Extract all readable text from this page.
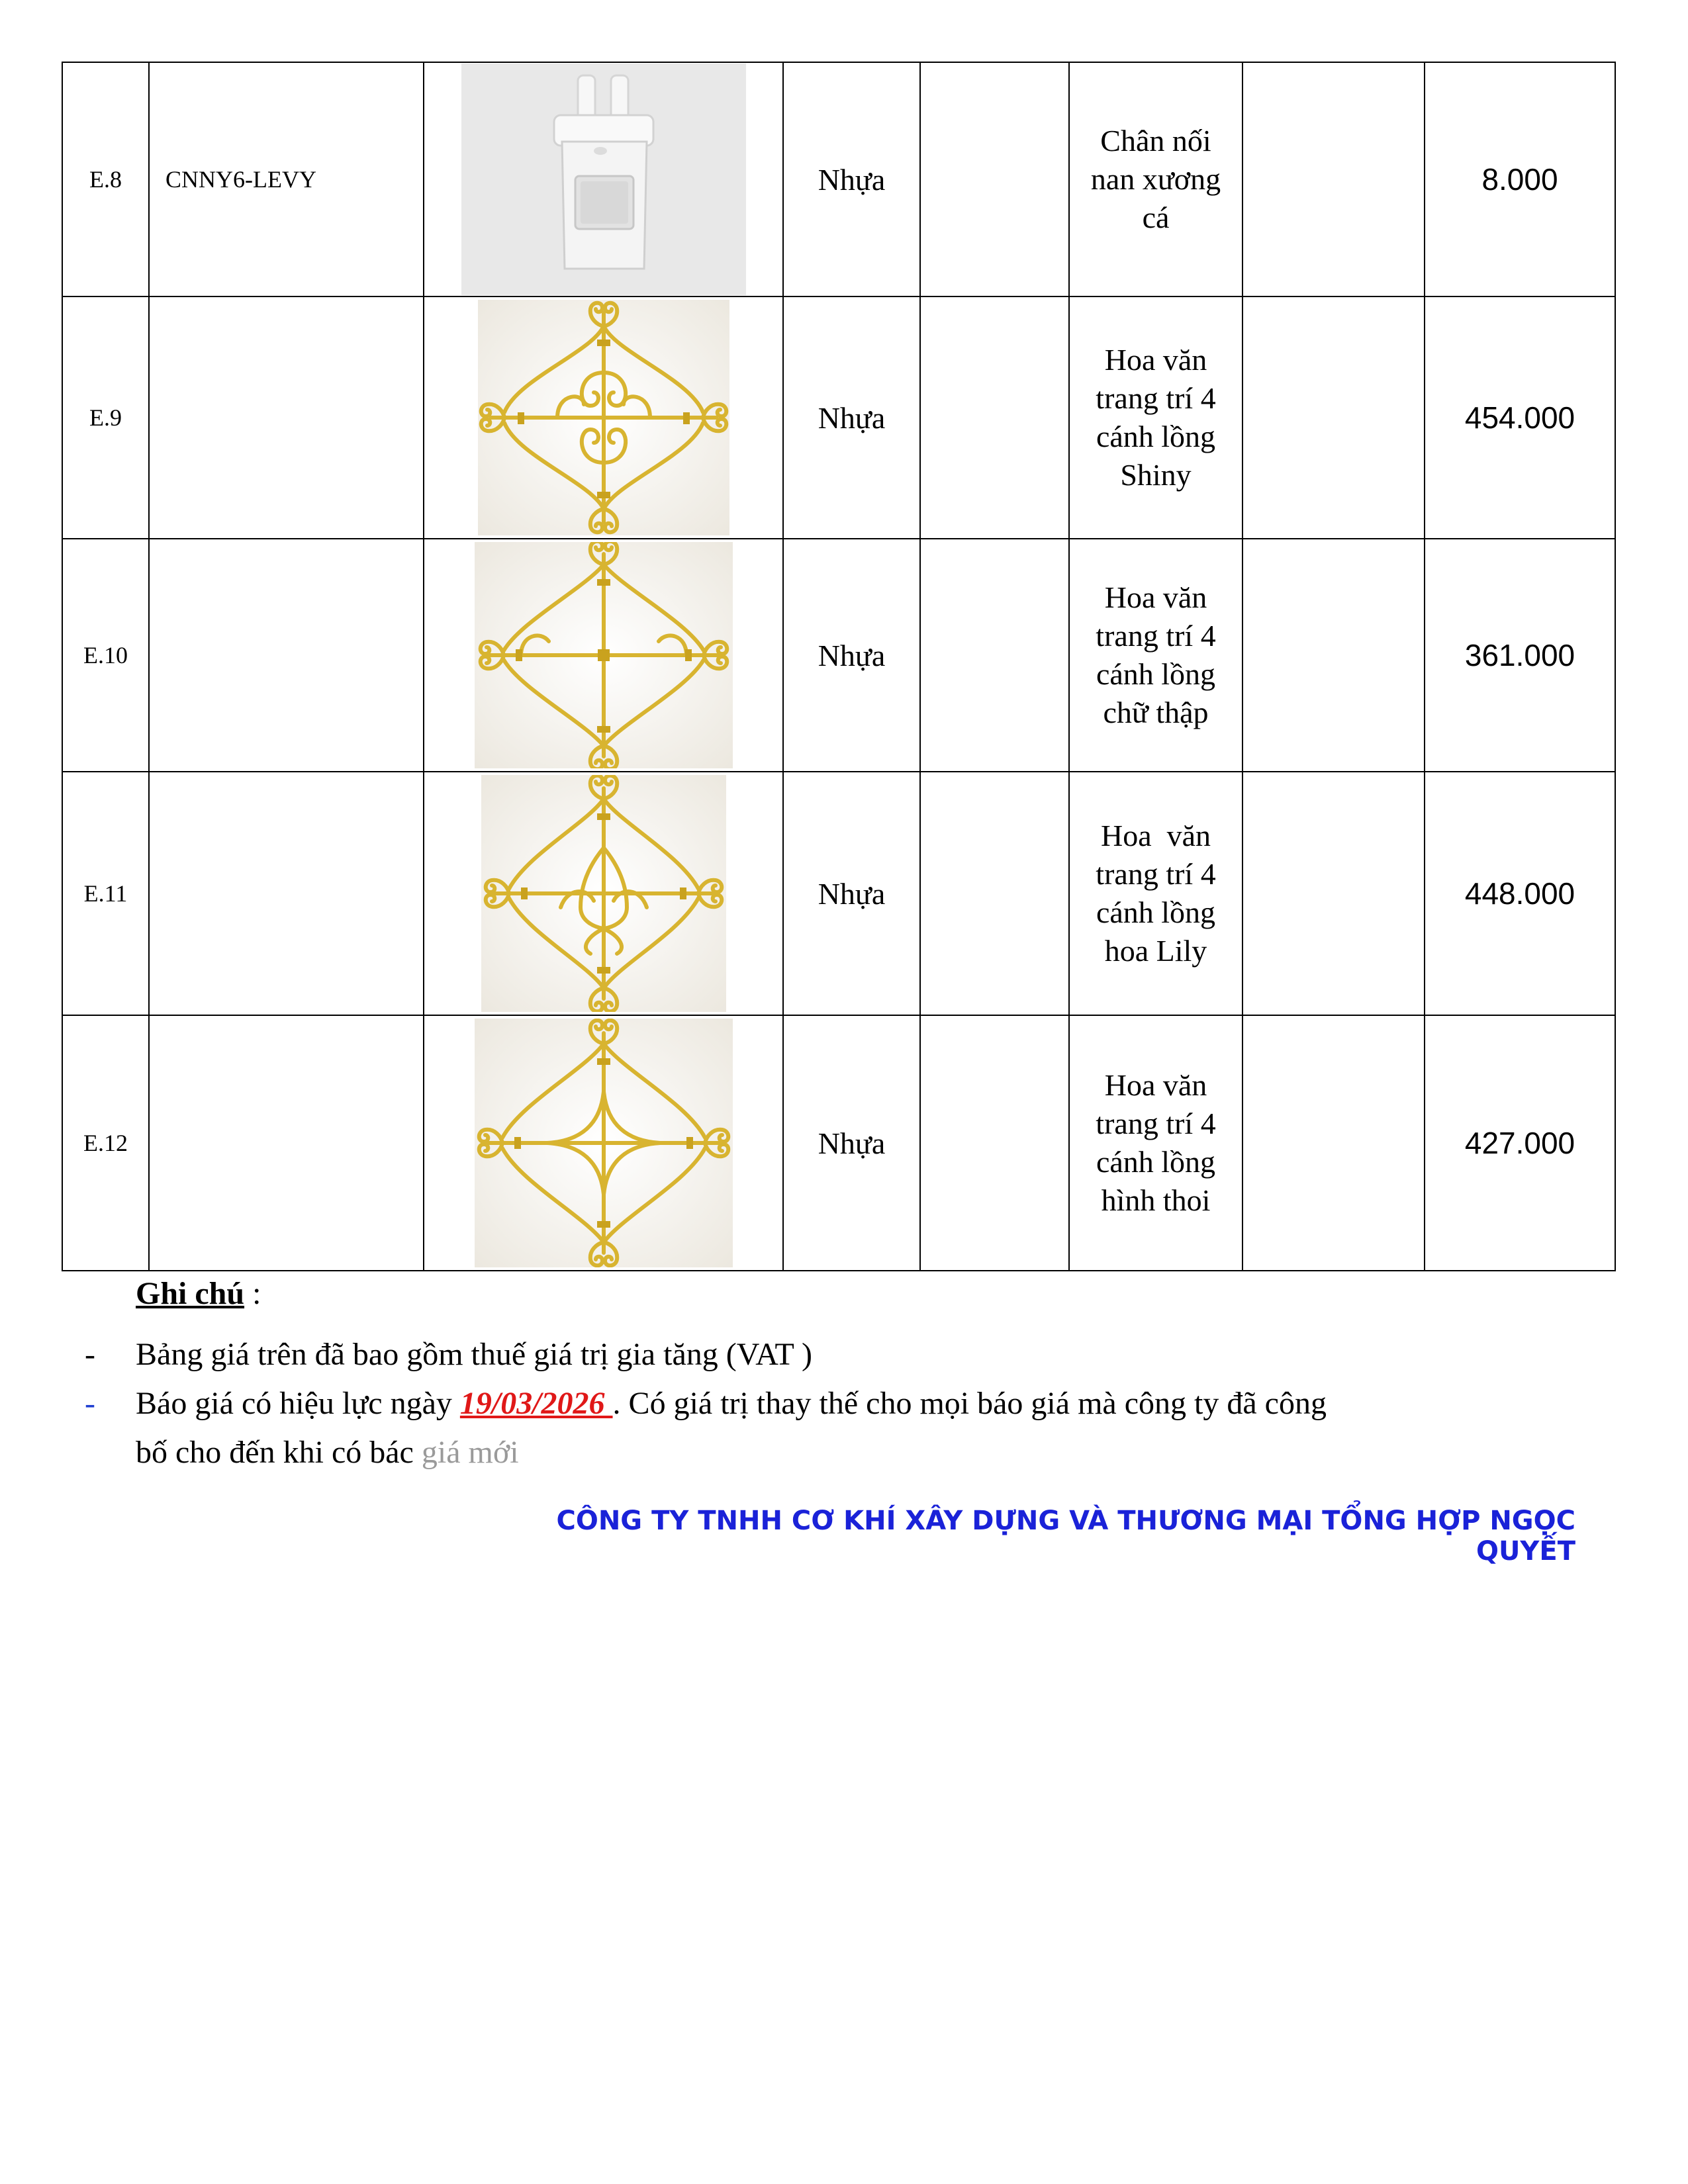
E.8	CNNY6-LEVY		Nhựa		Chân nối
nan xương
cá		8.000
E.9			Nhựa		Hoa văn
trang trí 4
cánh lồng
Shiny		454.000
E.10			Nhựa		Hoa văn
trang trí 4
cánh lồng
chữ thập		361.000
E.11			Nhựa		Hoa  văn
trang trí 4
cánh lồng
hoa Lily		448.000
E.12			Nhựa		Hoa văn
trang trí 4
cánh lồng
hình thoi		427.000
Ghi chú :
- Bảng giá trên đã bao gồm thuế giá trị gia tăng (VAT )
- Báo giá có hiệu lực ngày 19/03/2026 . Có giá trị thay thế cho mọi báo giá mà công ty đã công
bố cho đến khi có bác giá mới
CÔNG TY TNHH CƠ KHÍ XÂY DỰNG VÀ THƯƠNG MẠI TỔNG HỢP NGỌC QUYẾT
